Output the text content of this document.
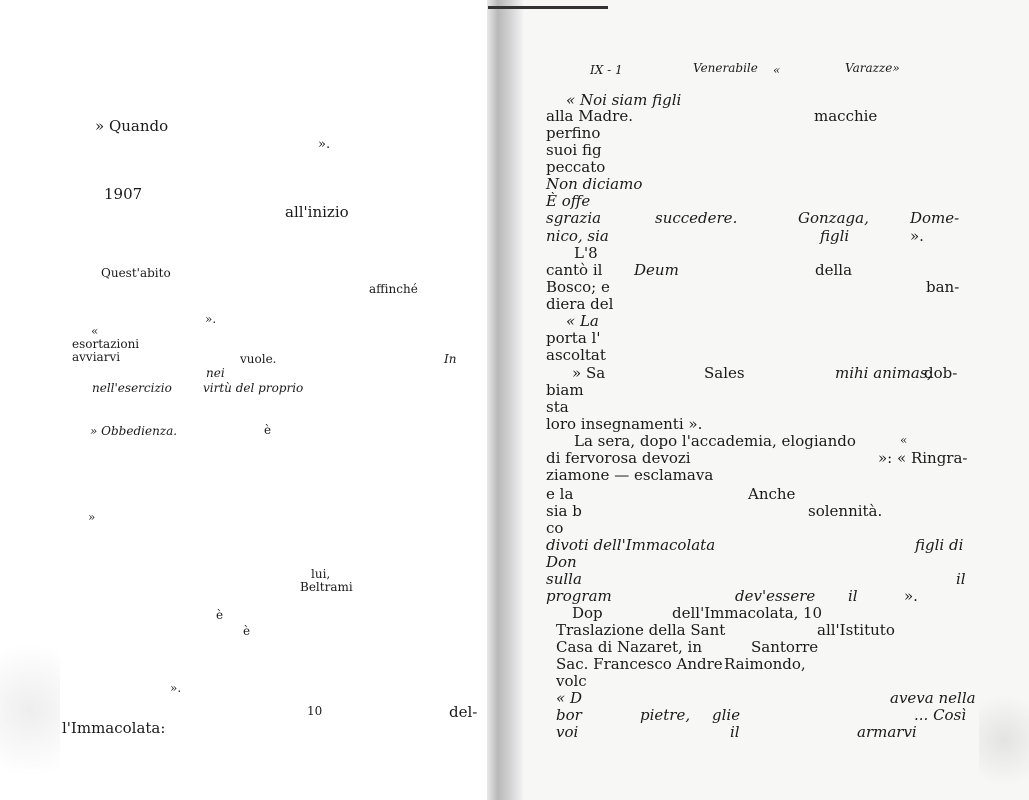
» Quando
».
1907
all'inizio
Quest'abito
affinché
».
«
esortazioni
avviarvi	vuole.	In
nei
nell'esercizio	virtù del proprio
» Obbedienza.	è
»
lui,
Beltrami
è
è
».
10	del-
l'Immacolata:
IX - 1	Venerabile «	Varazze»
« Noi siam figli
alla Madre.	macchie
perfino
suoi fig
peccato
Non diciamo
È offe
sgrazia	succedere.	Gonzaga,	Dome-
nico, sia	figli	».
L'8
cantò il Deum	della
Bosco; e	ban-
diera del
« La
porta l'
ascoltat
» Sa	Sales	mihi animas;
dob-
biam
sta
loro insegnamenti ».
La sera, dopo l'accademia, elogiando	«
di fervorosa devozi	»: « Ringra-
ziamone — esclamava
e la	Anche
sia b	solennità.
co
divoti dell'Immacolata	figli di
Don
sulla	il
program	dev'essere il	».
Dop	dell'Immacolata, 10
Traslazione della Sant	all'Istituto
Casa di Nazaret, in	Santorre
Sac. Francesco Andre Raimondo,
volc
« D	aveva nella
bor	pietre, glie	... Così
voi	il	armarvi
